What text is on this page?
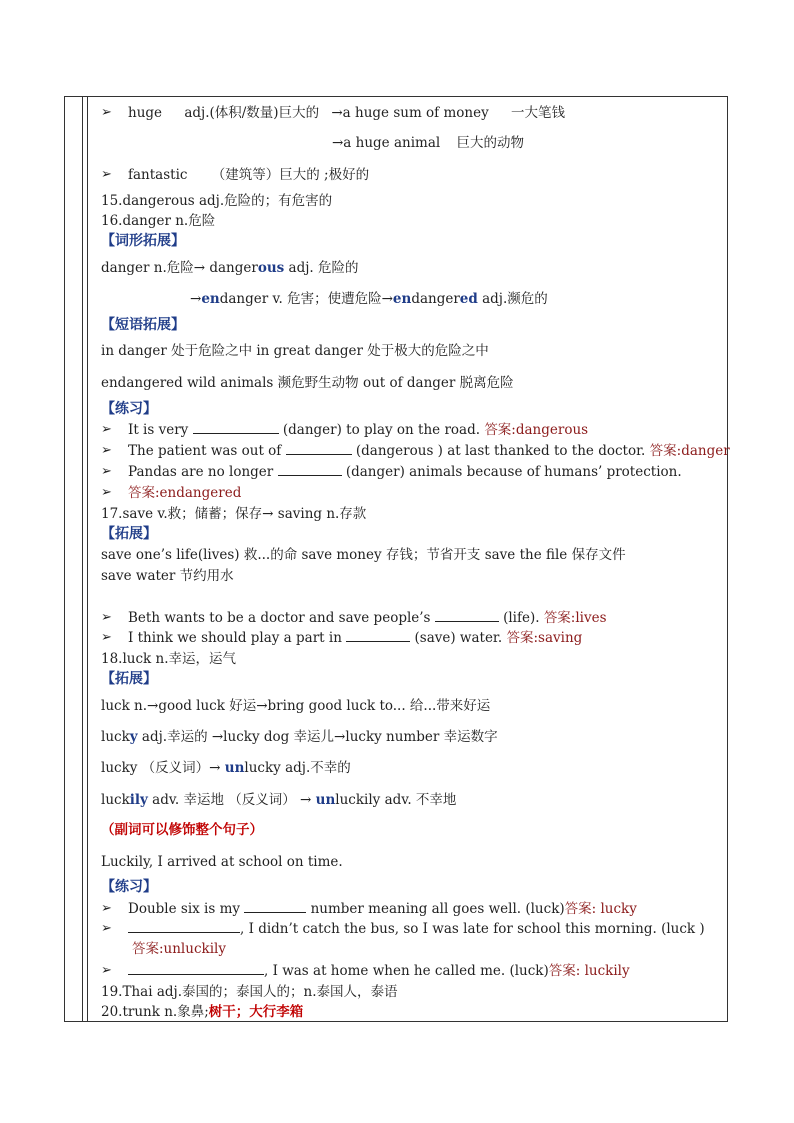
➢ huge adj.(体积/数量)巨大的 →a huge sum of money 一大笔钱
→a huge animal 巨大的动物
➢ fantastic （建筑等）巨大的 ;极好的
15.dangerous adj.危险的；有危害的
16.danger n.危险
【词形拓展】
danger n.危险→ dangerous adj. 危险的
→endanger v. 危害；使遭危险→endangered adj.濒危的
【短语拓展】
in danger 处于危险之中 in great danger 处于极大的危险之中
endangered wild animals 濒危野生动物 out of danger 脱离危险
【练习】
➢ It is very	(danger) to play on the road. 答案:dangerous
➢ The patient was out of	(dangerous ) at last thanked to the doctor. 答案:danger
➢ Pandas are no longer	(danger) animals because of humans’ protection.
➢ 答案:endangered
17.save v.救；储蓄；保存→ saving n.存款
【拓展】
save one’s life(lives) 救...的命 save money 存钱；节省开支 save the file 保存文件
save water 节约用水
➢ Beth wants to be a doctor and save people’s	(life). 答案:lives
➢ I think we should play a part in	(save) water. 答案:saving
18.luck n.幸运，运气
【拓展】
luck n.→good luck 好运→bring good luck to... 给...带来好运
lucky adj.幸运的 →lucky dog 幸运儿→lucky number 幸运数字
lucky （反义词）→ unlucky adj.不幸的
luckily adv. 幸运地 （反义词） → unluckily adv. 不幸地
（副词可以修饰整个句子）
Luckily, I arrived at school on time.
【练习】
➢ Double six is my	number meaning all goes well. (luck)答案: lucky
➢	, I didn’t catch the bus, so I was late for school this morning. (luck )
答案:unluckily
➢	, I was at home when he called me. (luck)答案: luckily
19.Thai adj.泰国的；泰国人的；n.泰国人，泰语
20.trunk n.象鼻;树干；大行李箱
